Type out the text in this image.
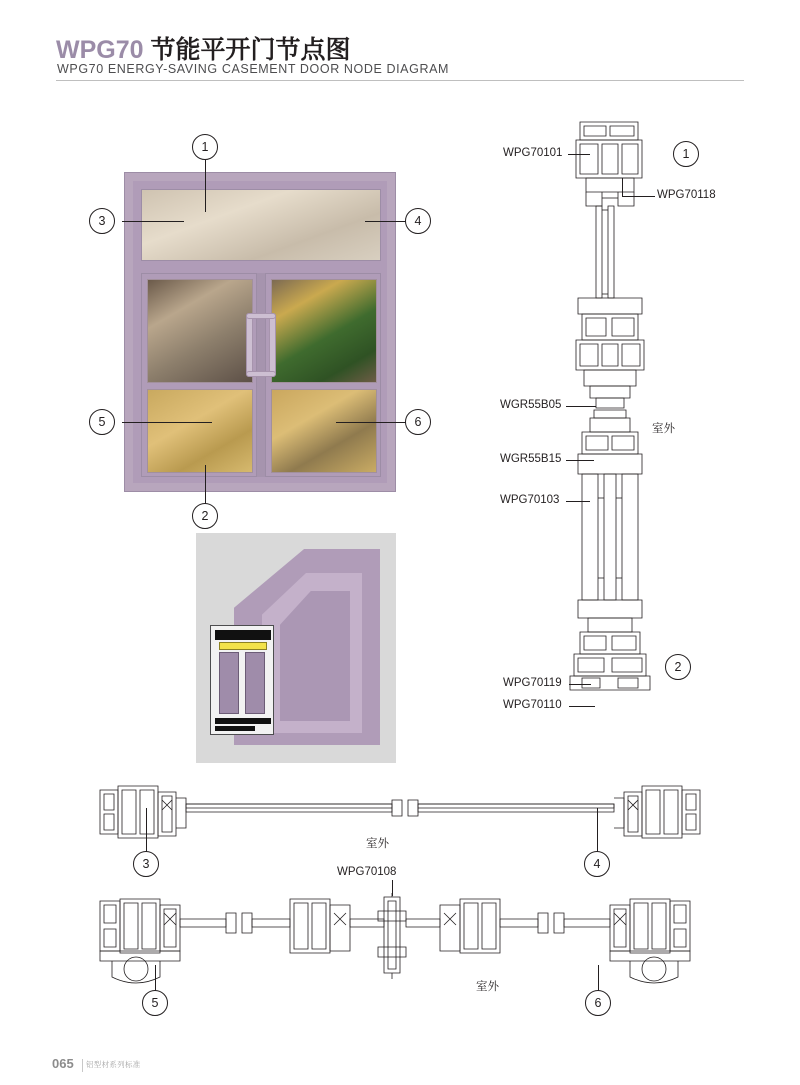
WPG70 节能平开门节点图
WPG70 ENERGY-SAVING CASEMENT DOOR NODE DIAGRAM
1
2
3	4
5	6
WPG70101
WPG70118
WGR55B05
WGR55B15
WPG70103
WPG70119
WPG70110
室外
1
2
室外
3	4
WPG70108
室外
5	6
065 铝型材系列标准
